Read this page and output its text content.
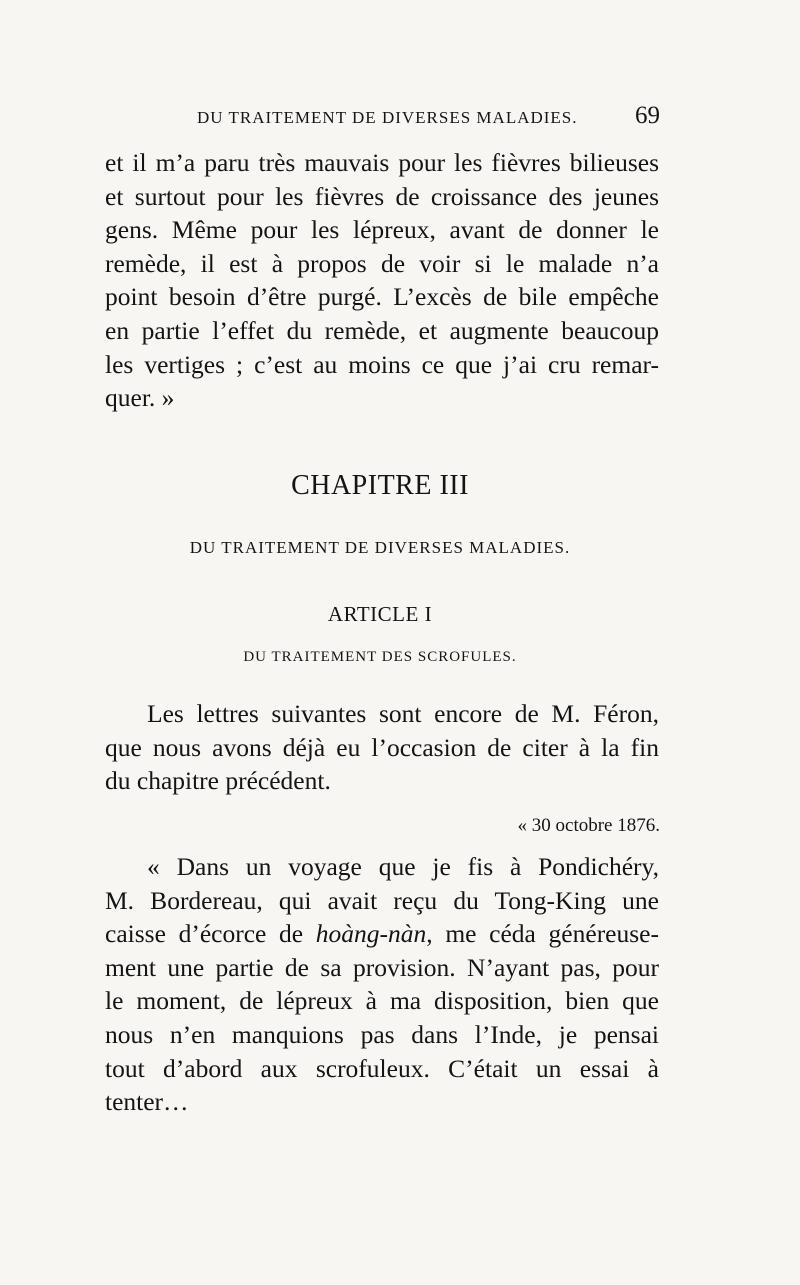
DU TRAITEMENT DE DIVERSES MALADIES. 69
et il m’a paru très mauvais pour les fièvres bilieuses
et surtout pour les fièvres de croissance des jeunes
gens. Même pour les lépreux, avant de donner le
remède, il est à propos de voir si le malade n’a
point besoin d’être purgé. L’excès de bile empêche
en partie l’effet du remède, et augmente beaucoup
les vertiges ; c’est au moins ce que j’ai cru remar-
quer. »
CHAPITRE III
DU TRAITEMENT DE DIVERSES MALADIES.
ARTICLE I
DU TRAITEMENT DES SCROFULES.
Les lettres suivantes sont encore de M. Féron,
que nous avons déjà eu l’occasion de citer à la fin
du chapitre précédent.
« 30 octobre 1876.
« Dans un voyage que je fis à Pondichéry,
M. Bordereau, qui avait reçu du Tong-King une
caisse d’écorce de hoàng-nàn, me céda généreuse-
ment une partie de sa provision. N’ayant pas, pour
le moment, de lépreux à ma disposition, bien que
nous n’en manquions pas dans l’Inde, je pensai
tout d’abord aux scrofuleux. C’était un essai à
tenter…
